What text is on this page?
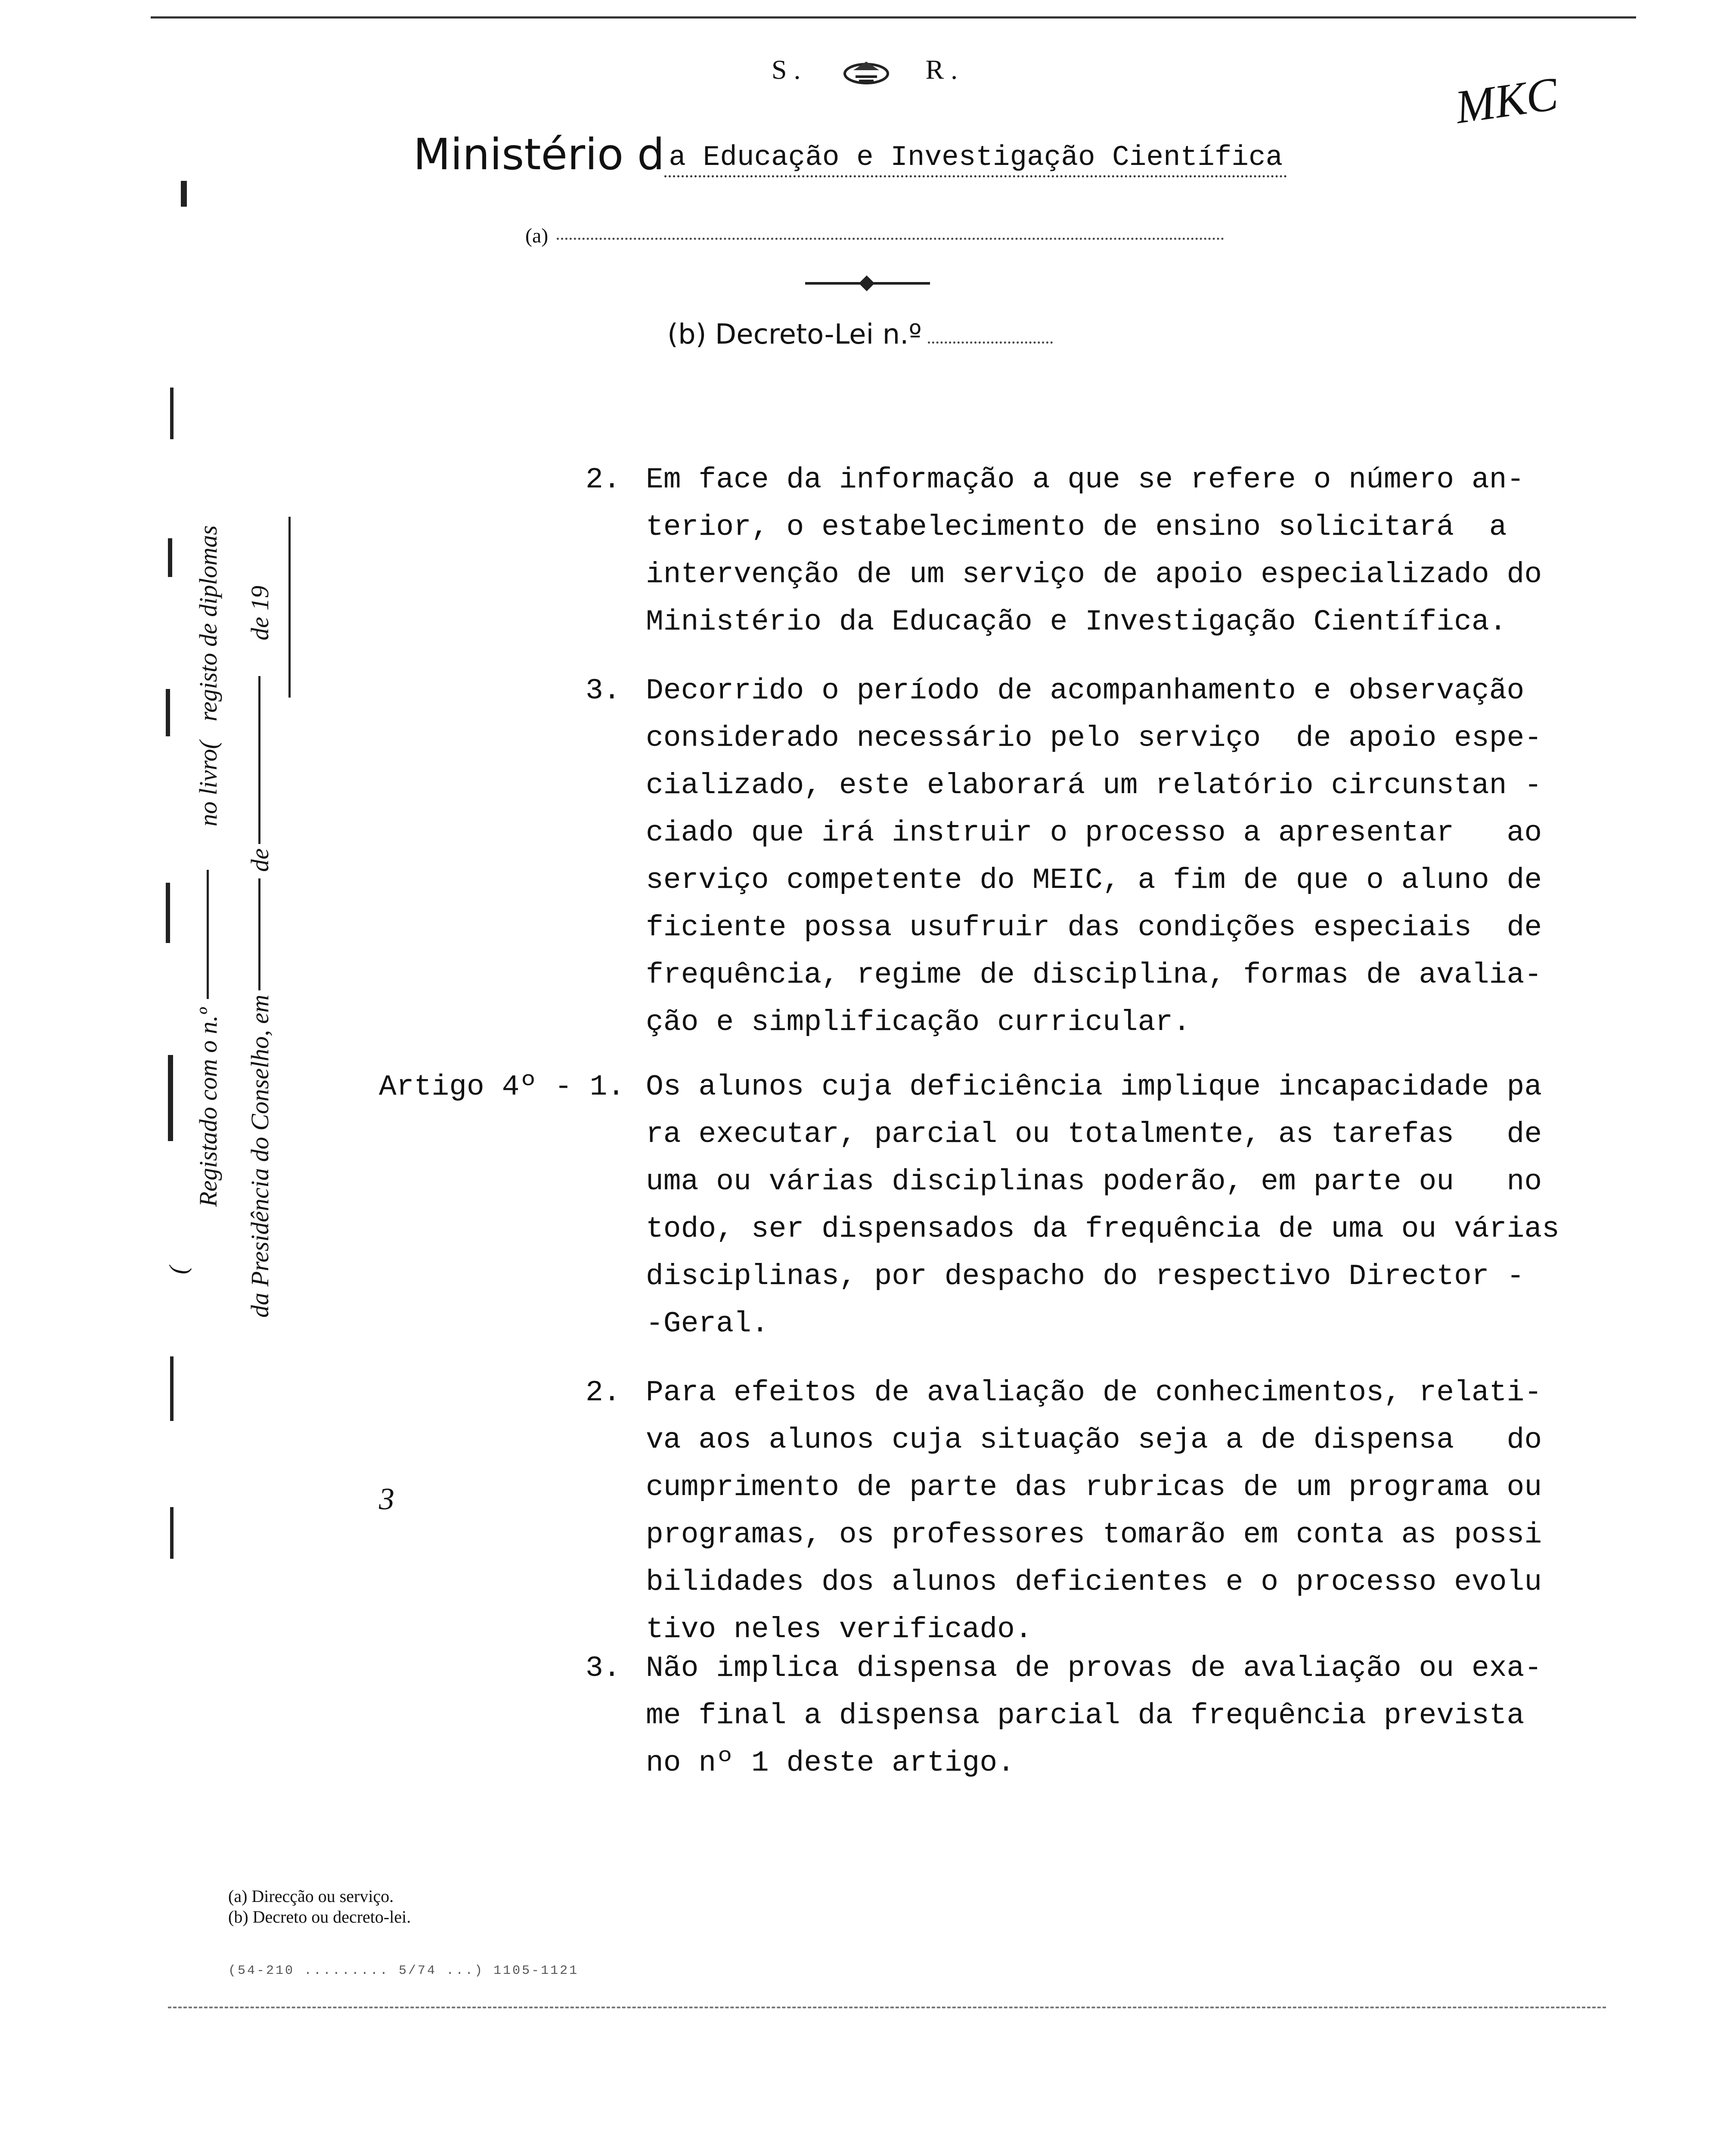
S.	R.	MKC
Ministério d a Educação e Investigação Científica
(a)
(b) Decreto-Lei n.º
(
Registado com o n.º
no livro(
registo de diplomas
da Presidência do Conselho, em
de
de 19
2. Em face da informação a que se refere o número an-
terior, o estabelecimento de ensino solicitará  a
intervenção de um serviço de apoio especializado do
Ministério da Educação e Investigação Científica.
3. Decorrido o período de acompanhamento e observação
considerado necessário pelo serviço  de apoio espe-
cializado, este elaborará um relatório circunstan -
ciado que irá instruir o processo a apresentar   ao
serviço competente do MEIC, a fim de que o aluno de
ficiente possa usufruir das condições especiais  de
frequência, regime de disciplina, formas de avalia-
ção e simplificação curricular.
Artigo 4º - 1. Os alunos cuja deficiência implique incapacidade pa
ra executar, parcial ou totalmente, as tarefas   de
uma ou várias disciplinas poderão, em parte ou   no
todo, ser dispensados da frequência de uma ou várias
disciplinas, por despacho do respectivo Director -
-Geral.
2. Para efeitos de avaliação de conhecimentos, relati-
va aos alunos cuja situação seja a de dispensa   do
cumprimento de parte das rubricas de um programa ou
programas, os professores tomarão em conta as possi
bilidades dos alunos deficientes e o processo evolu
tivo neles verificado.
3. Não implica dispensa de provas de avaliação ou exa-
me final a dispensa parcial da frequência prevista
no nº 1 deste artigo.
3
(a) Direcção ou serviço.
(b) Decreto ou decreto-lei.
(54-210 ......... 5/74 ...) 1105-1121
